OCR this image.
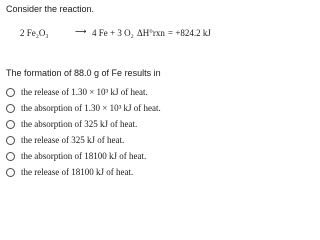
Consider the reaction.
2 Fe₂O₃	⟶ 4 Fe + 3 O₂ ΔH°rxn = +824.2 kJ
The formation of 88.0 g of Fe results in
the release of 1.30 × 10³ kJ of heat.
the absorption of 1.30 × 10³ kJ of heat.
the absorption of 325 kJ of heat.
the release of 325 kJ of heat.
the absorption of 18100 kJ of heat.
the release of 18100 kJ of heat.
